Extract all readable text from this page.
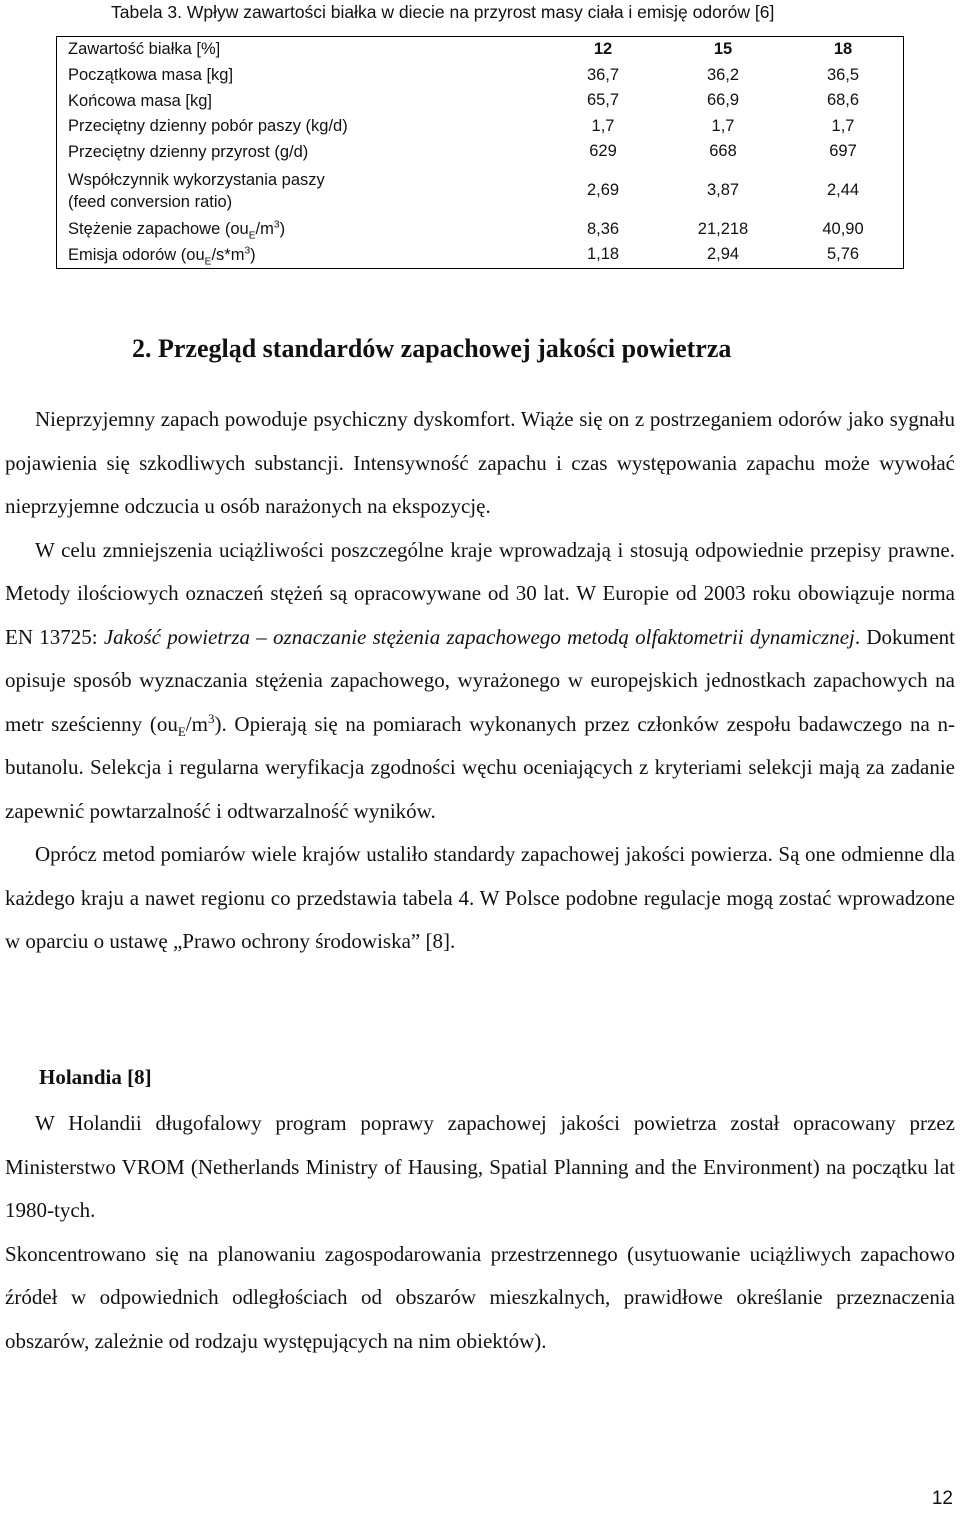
Tabela 3. Wpływ zawartości białka w diecie na przyrost masy ciała i emisję odorów [6]
Zawartość białka [%]	12	15	18
Początkowa masa [kg]	36,7	36,2	36,5
Końcowa masa [kg]	65,7	66,9	68,6
Przeciętny dzienny pobór paszy (kg/d)	1,7	1,7	1,7
Przeciętny dzienny przyrost (g/d)	629	668	697
Współczynnik wykorzystania paszy
(feed conversion ratio)	2,69	3,87	2,44
Stężenie zapachowe $(ou_E/m^3)$	8,36	21,218	40,90
Emisja odorów $(ou_E/s*m^3)$	1,18	2,94	5,76
2. Przegląd standardów zapachowej jakości powietrza

Nieprzyjemny zapach powoduje psychiczny dyskomfort. Wiąże się on z postrzeganiem odorów jako sygnału pojawienia się szkodliwych substancji. Intensywność zapachu i czas występowania zapachu może wywołać nieprzyjemne odczucia u osób narażonych na ekspozycję.

W celu zmniejszenia uciążliwości poszczególne kraje wprowadzają i stosują odpowiednie przepisy prawne. Metody ilościowych oznaczeń stężeń są opracowywane od 30 lat. W Europie od 2003 roku obowiązuje norma EN 13725: Jakość powietrza – oznaczanie stężenia zapachowego metodą olfaktometrii dynamicznej. Dokument opisuje sposób wyznaczania stężenia zapachowego, wyrażonego w europejskich jednostkach zapachowych na metr sześcienny $(ou_E/m^3)$. Opierają się na pomiarach wykonanych przez członków zespołu badawczego na n-butanolu. Selekcja i regularna weryfikacja zgodności węchu oceniających z kryteriami selekcji mają za zadanie zapewnić powtarzalność i odtwarzalność wyników.

Oprócz metod pomiarów wiele krajów ustaliło standardy zapachowej jakości powierza. Są one odmienne dla każdego kraju a nawet regionu co przedstawia tabela 4. W Polsce podobne regulacje mogą zostać wprowadzone w oparciu o ustawę „Prawo ochrony środowiska” [8].

Holandia [8]

W Holandii długofalowy program poprawy zapachowej jakości powietrza został opracowany przez Ministerstwo VROM (Netherlands Ministry of Hausing, Spatial Planning and the Environment) na początku lat 1980-tych.

Skoncentrowano się na planowaniu zagospodarowania przestrzennego (usytuowanie uciążliwych zapachowo źródeł w odpowiednich odległościach od obszarów mieszkalnych, prawidłowe określanie przeznaczenia obszarów, zależnie od rodzaju występujących na nim obiektów).

12
